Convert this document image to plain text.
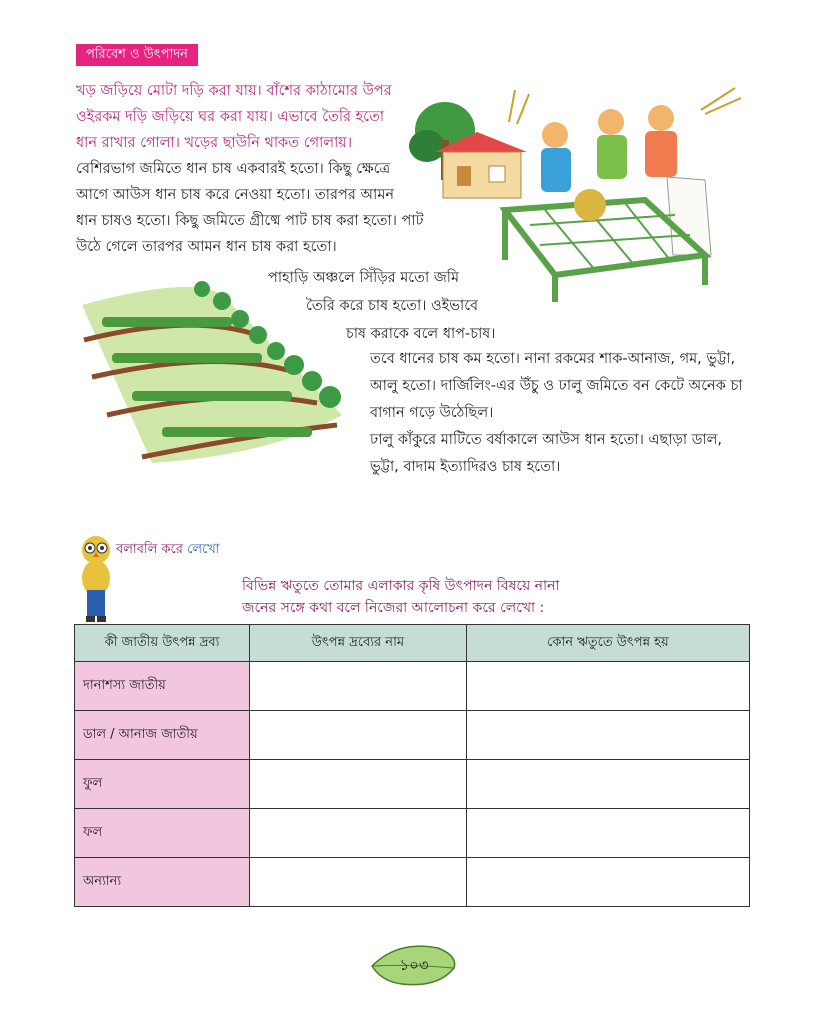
পরিবেশ ও উৎপাদন

খড় জড়িয়ে মোটা দড়ি করা যায়। বাঁশের কাঠামোর উপর
ওইরকম দড়ি জড়িয়ে ঘর করা যায়। এভাবে তৈরি হতো
ধান রাখার গোলা। খড়ের ছাউনি থাকত গোলায়।

বেশিরভাগ জমিতে ধান চাষ একবারই হতো। কিছু ক্ষেত্রে
আগে আউস ধান চাষ করে নেওয়া হতো। তারপর আমন
ধান চাষও হতো। কিছু জমিতে গ্রীষ্মে পাট চাষ করা হতো। পাট
উঠে গেলে তারপর আমন ধান চাষ করা হতো।

পাহাড়ি অঞ্চলে সিঁড়ির মতো জমি
তৈরি করে চাষ হতো। ওইভাবে
চাষ করাকে বলে ধাপ-চাষ।

তবে ধানের চাষ কম হতো। নানা রকমের শাক-আনাজ, গম, ভুট্টা,
আলু হতো। দার্জিলিং-এর উঁচু ও ঢালু জমিতে বন কেটে অনেক চা
বাগান গড়ে উঠেছিল।
ঢালু কাঁকুরে মাটিতে বর্ষাকালে আউস ধান হতো। এছাড়া ডাল,
ভুট্টা, বাদাম ইত্যাদিরও চাষ হতো।

বলাবলি করে লেখো
বিভিন্ন ঋতুতে তোমার এলাকার কৃষি উৎপাদন বিষয়ে নানা
জনের সঙ্গে কথা বলে নিজেরা আলোচনা করে লেখো :
কী জাতীয় উৎপন্ন দ্রব্য	উৎপন্ন দ্রব্যের নাম	কোন ঋতুতে উৎপন্ন হয়
দানাশস্য জাতীয়		
ডাল / আনাজ জাতীয়		
ফুল		
ফল		
অন্যান্য		
১০৩
